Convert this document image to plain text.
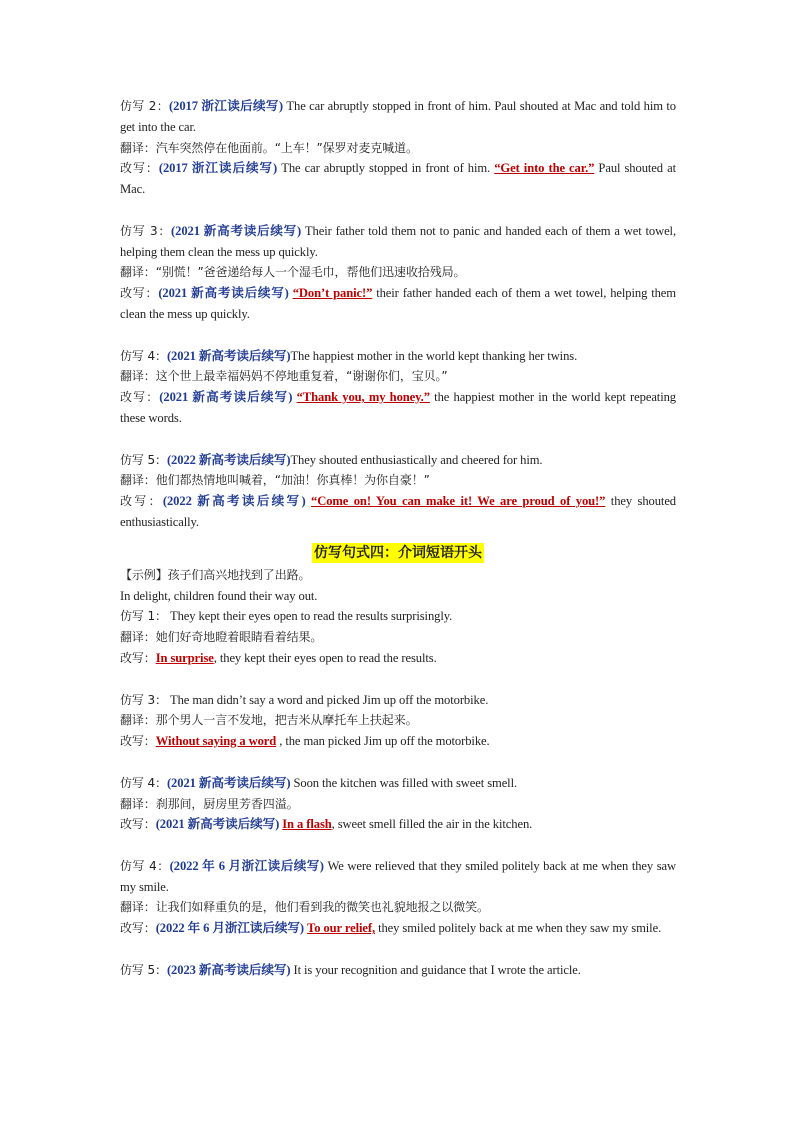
仿写 2：(2017 浙江读后续写) The car abruptly stopped in front of him. Paul shouted at Mac and told him to get into the car.

翻译：汽车突然停在他面前。“上车！”保罗对麦克喊道。

改写：(2017 浙江读后续写) The car abruptly stopped in front of him. “Get into the car.” Paul shouted at Mac.

仿写 3：(2021 新高考读后续写) Their father told them not to panic and handed each of them a wet towel, helping them clean the mess up quickly.

翻译：“别慌！”爸爸递给每人一个湿毛巾，帮他们迅速收拾残局。

改写：(2021 新高考读后续写) “Don’t panic!” their father handed each of them a wet towel, helping them clean the mess up quickly.

仿写 4：(2021 新高考读后续写)The happiest mother in the world kept thanking her twins.

翻译：这个世上最幸福妈妈不停地重复着，“谢谢你们，宝贝。”

改写：(2021 新高考读后续写) “Thank you, my honey.” the happiest mother in the world kept repeating these words.

仿写 5：(2022 新高考读后续写)They shouted enthusiastically and cheered for him.

翻译：他们都热情地叫喊着，“加油！你真棒！为你自豪！”

改写：(2022 新高考读后续写) “Come on! You can make it! We are proud of you!” they shouted enthusiastically.

仿写句式四：介词短语开头

【示例】孩子们高兴地找到了出路。

In delight, children found their way out.

仿写 1： They kept their eyes open to read the results surprisingly.

翻译：她们好奇地瞪着眼睛看着结果。

改写：In surprise, they kept their eyes open to read the results.

仿写 3： The man didn’t say a word and picked Jim up off the motorbike.

翻译：那个男人一言不发地，把吉米从摩托车上扶起来。

改写：Without saying a word , the man picked Jim up off the motorbike.

仿写 4：(2021 新高考读后续写) Soon the kitchen was filled with sweet smell.

翻译：刹那间，厨房里芳香四溢。

改写：(2021 新高考读后续写) In a flash, sweet smell filled the air in the kitchen.

仿写 4：(2022 年 6 月浙江读后续写) We were relieved that they smiled politely back at me when they saw my smile.

翻译：让我们如释重负的是，他们看到我的微笑也礼貌地报之以微笑。

改写：(2022 年 6 月浙江读后续写) To our relief, they smiled politely back at me when they saw my smile.

仿写 5：(2023 新高考读后续写) It is your recognition and guidance that I wrote the article.
